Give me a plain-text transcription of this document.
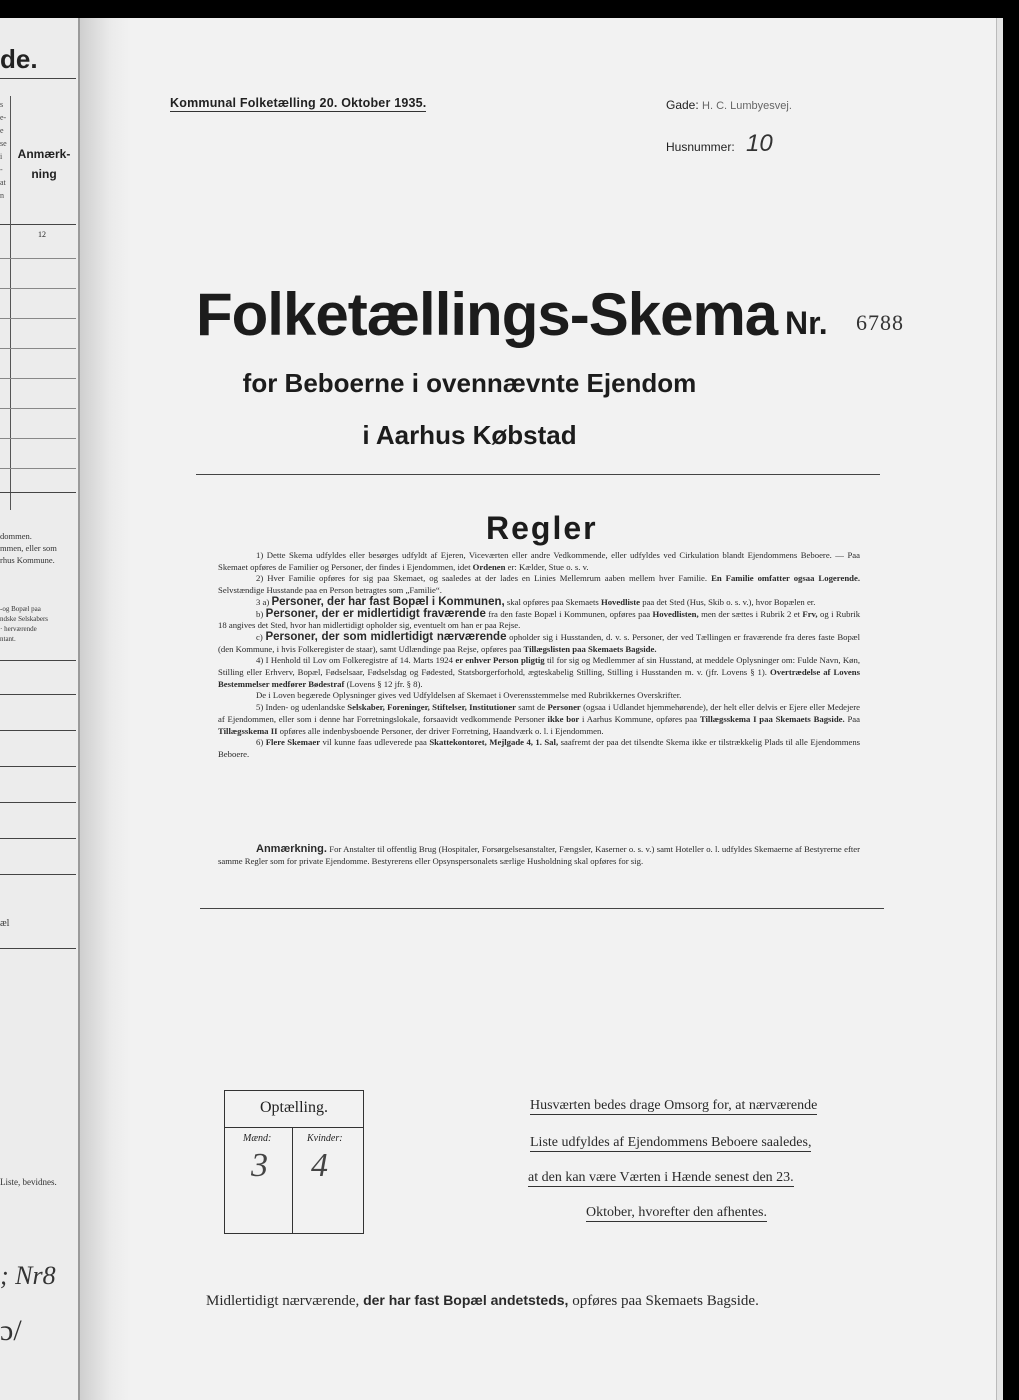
de.
s
e-
e
se
i
-
at
n
Anmærk-
ning
12
dommen.
mmen, eller som
rhus Kommune.
-og Bopæl paa
ndske Selskabers
· herværende
ntant.
æl
Liste, bevidnes.
; Nr8
ɔ/
Kommunal Folketælling 20. Oktober 1935.	Gade: H. C. Lumbyesvej.
Husnummer: 10
Folketællings-Skema Nr. 6788
for Beboerne i ovennævnte Ejendom
i Aarhus Købstad
Regler

1) Dette Skema udfyldes eller besørges udfyldt af Ejeren, Viceværten eller andre Vedkommende, eller udfyldes ved Cirkulation blandt Ejendommens Beboere. — Paa Skemaet opføres de Familier og Personer, der findes i Ejendommen, idet Ordenen er: Kælder, Stue o. s. v.

2) Hver Familie opføres for sig paa Skemaet, og saaledes at der lades en Linies Mellemrum aaben mellem hver Familie. En Familie omfatter ogsaa Logerende. Selvstændige Husstande paa en Person betragtes som „Familie“.

3 a) Personer, der har fast Bopæl i Kommunen, skal opføres paa Skemaets Hovedliste paa det Sted (Hus, Skib o. s. v.), hvor Bopælen er.

b) Personer, der er midlertidigt fraværende fra den faste Bopæl i Kommunen, opføres paa Hovedlisten, men der sættes i Rubrik 2 et Frv, og i Rubrik 18 angives det Sted, hvor han midlertidigt opholder sig, eventuelt om han er paa Rejse.

c) Personer, der som midlertidigt nærværende opholder sig i Husstanden, d. v. s. Personer, der ved Tællingen er fraværende fra deres faste Bopæl (den Kommune, i hvis Folkeregister de staar), samt Udlændinge paa Rejse, opføres paa Tillægslisten paa Skemaets Bagside.

4) I Henhold til Lov om Folkeregistre af 14. Marts 1924 er enhver Person pligtig til for sig og Medlemmer af sin Husstand, at meddele Oplysninger om: Fulde Navn, Køn, Stilling eller Erhverv, Bopæl, Fødselsaar, Fødselsdag og Fødested, Statsborgerforhold, ægteskabelig Stilling, Stilling i Husstanden m. v. (jfr. Lovens § 1). Overtrædelse af Lovens Bestemmelser medfører Bødestraf (Lovens § 12 jfr. § 8).

De i Loven begærede Oplysninger gives ved Udfyldelsen af Skemaet i Overensstemmelse med Rubrikkernes Overskrifter.

5) Inden- og udenlandske Selskaber, Foreninger, Stiftelser, Institutioner samt de Personer (ogsaa i Udlandet hjemmehørende), der helt eller delvis er Ejere eller Medejere af Ejendommen, eller som i denne har Forretningslokale, forsaavidt vedkommende Personer ikke bor i Aarhus Kommune, opføres paa Tillægsskema I paa Skemaets Bagside. Paa Tillægsskema II opføres alle indenbysboende Personer, der driver Forretning, Haandværk o. l. i Ejendommen.

6) Flere Skemaer vil kunne faas udleverede paa Skattekontoret, Mejlgade 4, 1. Sal, saafremt der paa det tilsendte Skema ikke er tilstrækkelig Plads til alle Ejendommens Beboere.

Anmærkning. For Anstalter til offentlig Brug (Hospitaler, Forsørgelsesanstalter, Fængsler, Kaserner o. s. v.) samt Hoteller o. l. udfyldes Skemaerne af Bestyrerne efter samme Regler som for private Ejendomme. Bestyrerens eller Opsynspersonalets særlige Husholdning skal opføres for sig.

Optælling.
Mænd:	Kvinder:
3 4
Husværten bedes drage Omsorg for, at nærværende
Liste udfyldes af Ejendommens Beboere saaledes,
at den kan være Værten i Hænde senest den 23.
Oktober, hvorefter den afhentes.
Midlertidigt nærværende, der har fast Bopæl andetsteds, opføres paa Skemaets Bagside.
